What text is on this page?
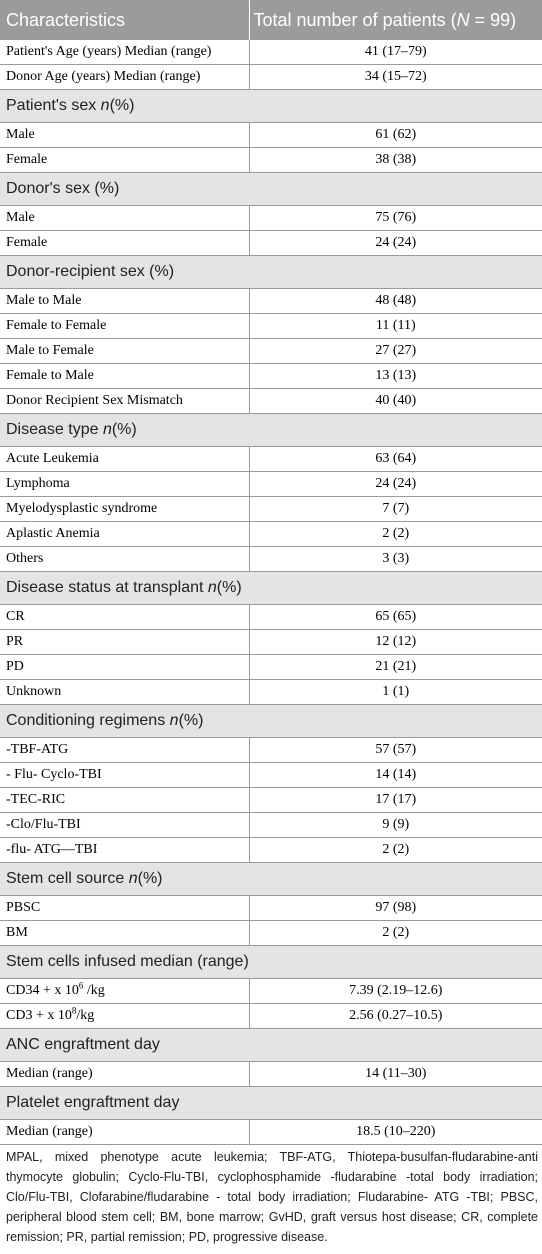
Characteristics	Total number of patients (N = 99)
Patient's Age (years) Median (range)	41 (17–79)
Donor Age (years) Median (range)	34 (15–72)
Patient's sex n(%)	
Male	61 (62)
Female	38 (38)
Donor's sex (%)	
Male	75 (76)
Female	24 (24)
Donor-recipient sex (%)	
Male to Male	48 (48)
Female to Female	11 (11)
Male to Female	27 (27)
Female to Male	13 (13)
Donor Recipient Sex Mismatch	40 (40)
Disease type n(%)	
Acute Leukemia	63 (64)
Lymphoma	24 (24)
Myelodysplastic syndrome	7 (7)
Aplastic Anemia	2 (2)
Others	3 (3)
Disease status at transplant n(%)	
CR	65 (65)
PR	12 (12)
PD	21 (21)
Unknown	1 (1)
Conditioning regimens n(%)	
-TBF-ATG	57 (57)
- Flu- Cyclo-TBI	14 (14)
-TEC-RIC	17 (17)
-Clo/Flu-TBI	9 (9)
-flu- ATG—TBI	2 (2)
Stem cell source n(%)	
PBSC	97 (98)
BM	2 (2)
Stem cells infused median (range)	
CD34 + x $10^6$ /kg	7.39 (2.19–12.6)
CD3 + x $10^8/kg$	2.56 (0.27–10.5)
ANC engraftment day	
Median (range)	14 (11–30)
Platelet engraftment day	
Median (range)	18.5 (10–220)

MPAL, mixed phenotype acute leukemia; TBF-ATG, Thiotepa-busulfan-fludarabine-anti thymocyte globulin; Cyclo-Flu-TBI, cyclophosphamide -fludarabine -total body irradiation; Clo/Flu-TBI, Clofarabine/fludarabine - total body irradiation; Fludarabine- ATG -TBI; PBSC, peripheral blood stem cell; BM, bone marrow; GvHD, graft versus host disease; CR, complete remission; PR, partial remission; PD, progressive disease.
